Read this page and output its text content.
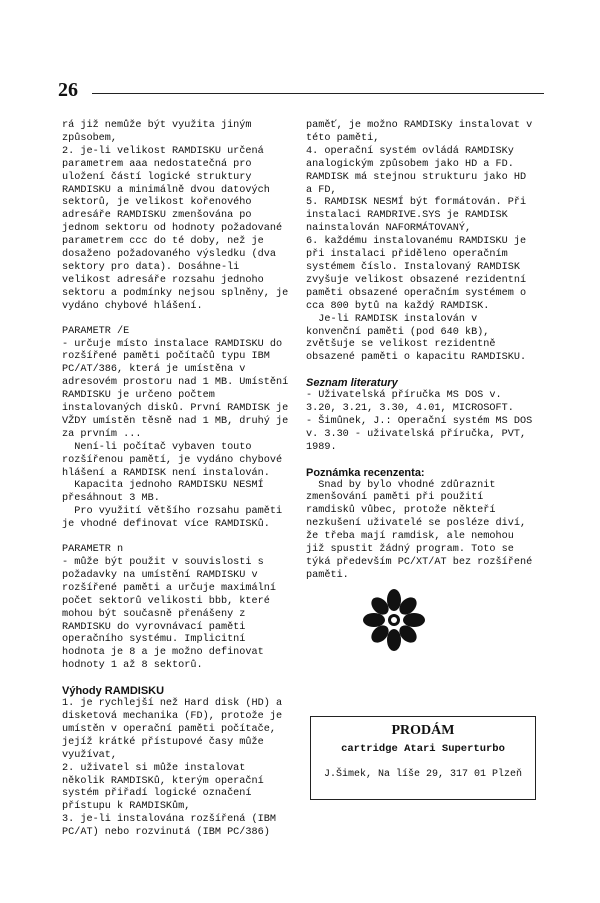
26

rá již nemůže být využita jiným způsobem,
2. je-li velikost RAMDISKU určená parametrem aaa nedostatečná pro uložení částí logické struktury RAMDISKU a minimálně dvou datových sektorů, je velikost kořenového adresáře RAMDISKU zmenšována po jednom sektoru od hodnoty požadované parametrem ccc do té doby, než je dosaženo požadovaného výsledku (dva sektory pro data). Dosáhne-li velikost adresáře rozsahu jednoho sektoru a podmínky nejsou splněny, je vydáno chybové hlášení.

PARAMETR /E
- určuje místo instalace RAMDISKU do rozšířené paměti počítačů typu IBM PC/AT/386, která je umístěna v adresovém prostoru nad 1 MB. Umístění RAMDISKU je určeno počtem instalovaných disků. První RAMDISK je VŽDY umístěn těsně nad 1 MB, druhý je za prvním ...
Není-li počítač vybaven touto rozšířenou pamětí, je vydáno chybové hlášení a RAMDISK není instalován.
Kapacita jednoho RAMDISKU NESMÍ přesáhnout 3 MB.
Pro využití většího rozsahu paměti je vhodné definovat více RAMDISKů.

PARAMETR n
- může být použit v souvislosti s požadavky na umístění RAMDISKU v rozšířené paměti a určuje maximální počet sektorů velikosti bbb, které mohou být současně přenášeny z RAMDISKU do vyrovnávací paměti operačního systému. Implicitní hodnota je 8 a je možno definovat hodnoty 1 až 8 sektorů.

Výhody RAMDISKU

1. je rychlejší než Hard disk (HD) a disketová mechanika (FD), protože je umístěn v operační paměti počítače, jejíž krátké přístupové časy může využívat,
2. uživatel si může instalovat několik RAMDISKů, kterým operační systém přiřadí logické označení přístupu k RAMDISKům,
3. je-li instalována rozšířená (IBM PC/AT) nebo rozvinutá (IBM PC/386)

paměť, je možno RAMDISKy instalovat v této paměti,
4. operační systém ovládá RAMDISKy analogickým způsobem jako HD a FD. RAMDISK má stejnou strukturu jako HD a FD,
5. RAMDISK NESMÍ být formátován. Při instalaci RAMDRIVE.SYS je RAMDISK nainstalován NAFORMÁTOVANÝ,
6. každému instalovanému RAMDISKU je při instalaci přiděleno operačním systémem číslo. Instalovaný RAMDISK zvyšuje velikost obsazené rezidentní paměti obsazené operačním systémem o cca 800 bytů na každý RAMDISK.
Je-li RAMDISK instalován v konvenční paměti (pod 640 kB), zvětšuje se velikost rezidentně obsazené paměti o kapacitu RAMDISKU.

Seznam literatury

- Uživatelská příručka MS DOS v. 3.20, 3.21, 3.30, 4.01, MICROSOFT.
- Šimůnek, J.: Operační systém MS DOS v. 3.30 - uživatelská příručka, PVT, 1989.

Poznámka recenzenta:

Snad by bylo vhodné zdůraznit zmenšování paměti při použití ramdisků vůbec, protože někteří nezkušení uživatelé se posléze diví, že třeba mají ramdisk, ale nemohou již spustit žádný program. Toto se týká především PC/XT/AT bez rozšířené paměti.

PRODÁM
cartridge Atari Superturbo
J.Šimek, Na líše 29, 317 01 Plzeň
